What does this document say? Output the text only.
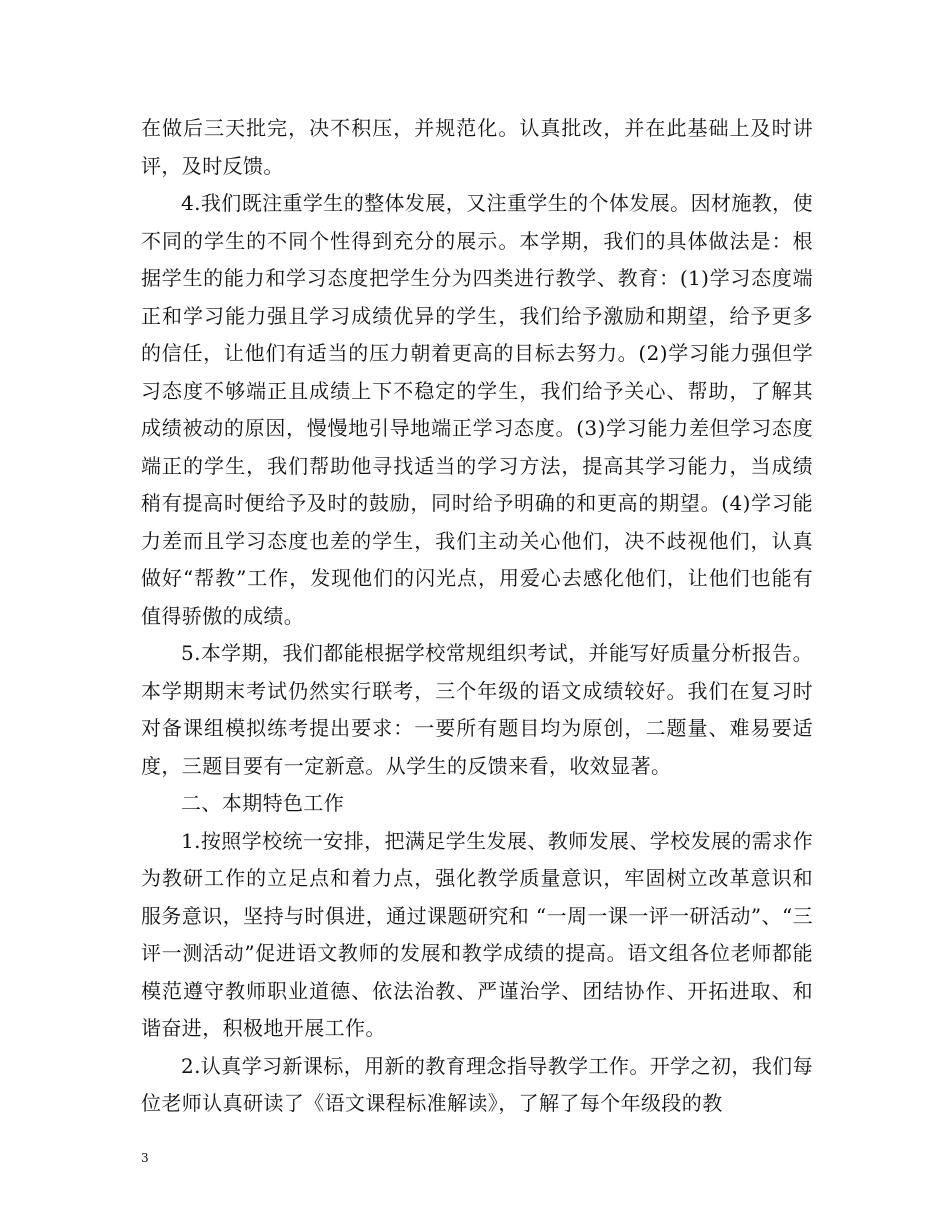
在做后三天批完，决不积压，并规范化。认真批改，并在此基础上及时讲评，及时反馈。

4.我们既注重学生的整体发展，又注重学生的个体发展。因材施教，使不同的学生的不同个性得到充分的展示。本学期，我们的具体做法是：根据学生的能力和学习态度把学生分为四类进行教学、教育：(1)学习态度端正和学习能力强且学习成绩优异的学生，我们给予激励和期望，给予更多的信任，让他们有适当的压力朝着更高的目标去努力。(2)学习能力强但学习态度不够端正且成绩上下不稳定的学生，我们给予关心、帮助，了解其成绩被动的原因，慢慢地引导地端正学习态度。(3)学习能力差但学习态度端正的学生，我们帮助他寻找适当的学习方法，提高其学习能力，当成绩稍有提高时便给予及时的鼓励，同时给予明确的和更高的期望。(4)学习能力差而且学习态度也差的学生，我们主动关心他们，决不歧视他们，认真做好“帮教”工作，发现他们的闪光点，用爱心去感化他们，让他们也能有值得骄傲的成绩。

5.本学期，我们都能根据学校常规组织考试，并能写好质量分析报告。本学期期末考试仍然实行联考，三个年级的语文成绩较好。我们在复习时对备课组模拟练考提出要求：一要所有题目均为原创，二题量、难易要适度，三题目要有一定新意。从学生的反馈来看，收效显著。

二、本期特色工作

1.按照学校统一安排，把满足学生发展、教师发展、学校发展的需求作为教研工作的立足点和着力点，强化教学质量意识，牢固树立改革意识和服务意识，坚持与时俱进，通过课题研究和 “一周一课一评一研活动”、“三评一测活动”促进语文教师的发展和教学成绩的提高。语文组各位老师都能模范遵守教师职业道德、依法治教、严谨治学、团结协作、开拓进取、和谐奋进，积极地开展工作。

2.认真学习新课标，用新的教育理念指导教学工作。开学之初，我们每位老师认真研读了《语文课程标准解读》，了解了每个年级段的教

3
